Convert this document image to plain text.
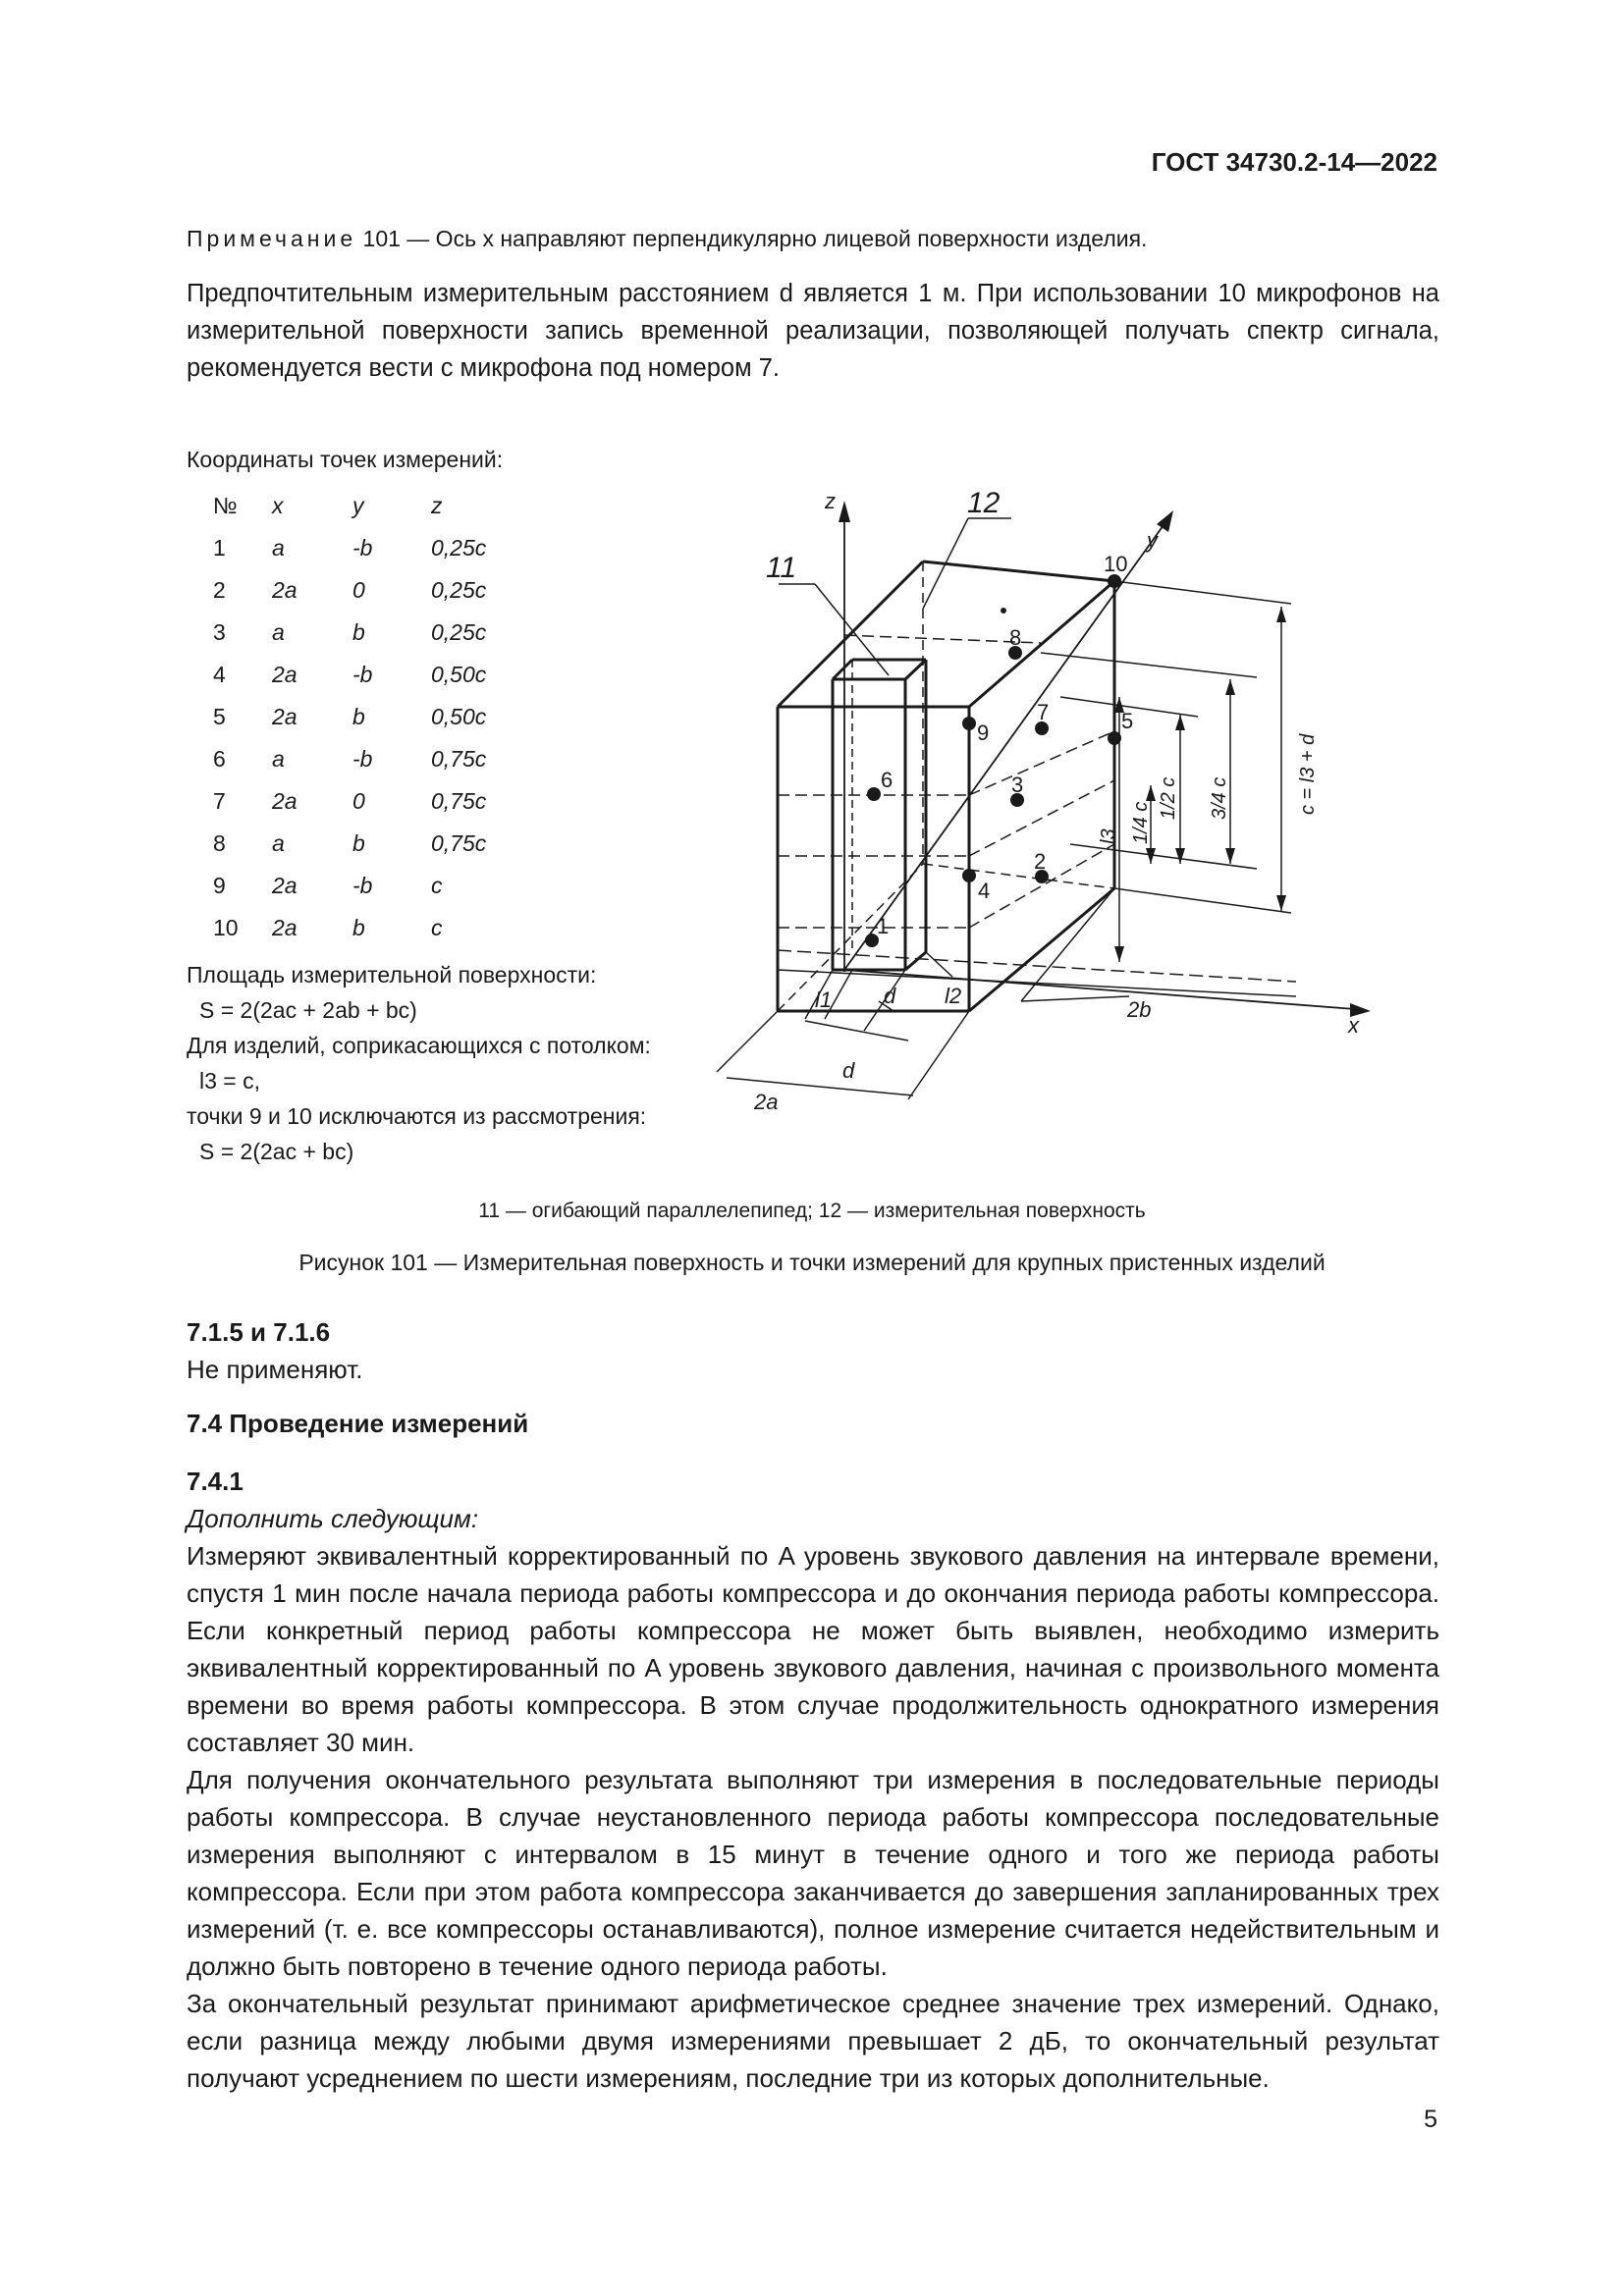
ГОСТ 34730.2-14—2022
Примечание 101 — Ось x направляют перпендикулярно лицевой поверхности изделия.
Предпочтительным измерительным расстоянием d является 1 м. При использовании 10 микрофонов на измерительной поверхности запись временной реализации, позволяющей получать спектр сигнала, рекомендуется вести с микрофона под номером 7.
Координаты точек измерений:
№	x	y	z
1	a	-b	0,25c
2	2a	0	0,25c
3	a	b	0,25c
4	2a	-b	0,50c
5	2a	b	0,50c
6	a	-b	0,75c
7	2a	0	0,75c
8	a	b	0,75c
9	2a	-b	c
10	2a	b	c
Площадь измерительной поверхности:
S = 2(2ac + 2ab + bc)
Для изделий, соприкасающихся с потолком:
l3 = c,
точки 9 и 10 исключаются из рассмотрения:
S = 2(2ac + bc)
1
2
3
4
5
6
7
8
9
10
z
x
y
11
12
l1	l2
d
d
2a
2b
1/4 c
1/2 c 3/4 c	c = l3 + d
l3
11 — огибающий параллелепипед; 12 — измерительная поверхность
Рисунок 101 — Измерительная поверхность и точки измерений для крупных пристенных изделий
7.1.5 и 7.1.6
Не применяют.
7.4 Проведение измерений
7.4.1
Дополнить следующим:
Измеряют эквивалентный корректированный по A уровень звукового давления на интервале времени, спустя 1 мин после начала периода работы компрессора и до окончания периода работы компрессора. Если конкретный период работы компрессора не может быть выявлен, необходимо измерить эквивалентный корректированный по A уровень звукового давления, начиная с произвольного момента времени во время работы компрессора. В этом случае продолжительность однократного измерения составляет 30 мин.
Для получения окончательного результата выполняют три измерения в последовательные периоды работы компрессора. В случае неустановленного периода работы компрессора последовательные измерения выполняют с интервалом в 15 минут в течение одного и того же периода работы компрессора. Если при этом работа компрессора заканчивается до завершения запланированных трех измерений (т. е. все компрессоры останавливаются), полное измерение считается недействительным и должно быть повторено в течение одного периода работы.
За окончательный результат принимают арифметическое среднее значение трех измерений. Однако, если разница между любыми двумя измерениями превышает 2 дБ, то окончательный результат получают усреднением по шести измерениям, последние три из которых дополнительные.
5
